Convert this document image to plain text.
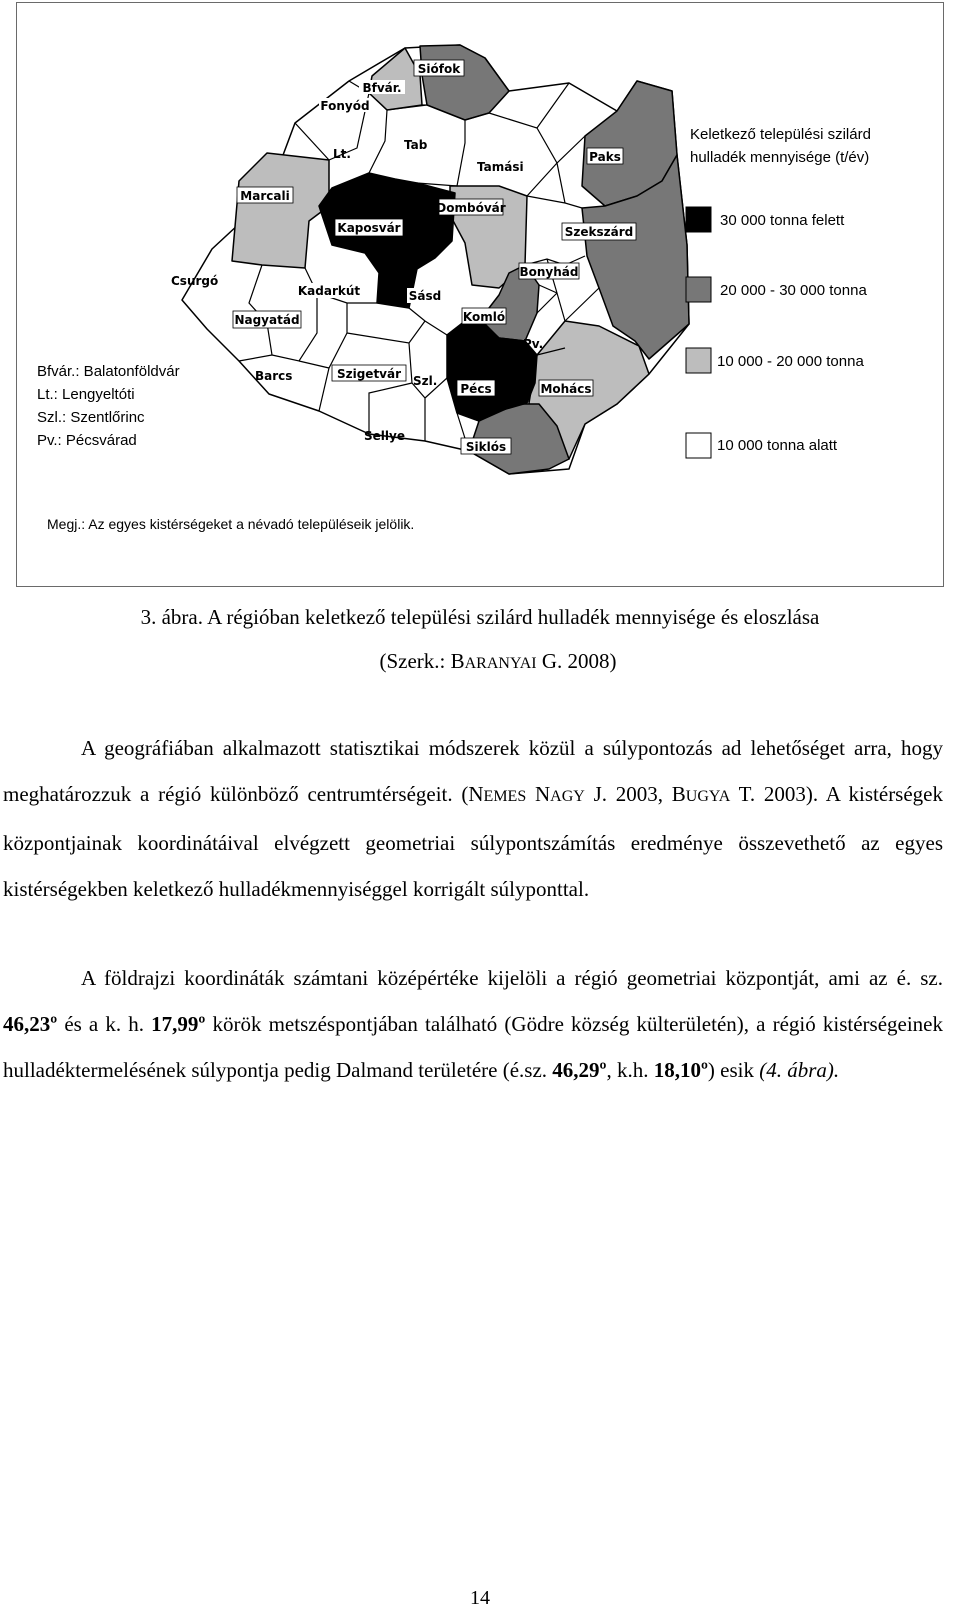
Siófok
Bfvár.
Fonyód
Lt.
Tab
Tamási
Paks
Marcali
Kaposvár
Dombóvár
Szekszárd
Csurgó
Kadarkút	Sásd
Bonyhád
Nagyatád	Komló
Pv.
Barcs	Szigetvár Szl.
Pécs	Mohács
Sellye
Siklós
Keletkező települési szilárd
hulladék mennyisége (t/év)
30 000 tonna felett
20 000 - 30 000 tonna
10 000 - 20 000 tonna
10 000 tonna alatt
Bfvár.: Balatonföldvár
Lt.: Lengyeltóti
Szl.: Szentlőrinc
Pv.: Pécsvárad
Megj.: Az egyes kistérségeket a névadó településeik jelölik.
3. ábra. A régióban keletkező települési szilárd hulladék mennyisége és eloszlása
(Szerk.: BARANYAI G. 2008)
A geográfiában alkalmazott statisztikai módszerek közül a súlypontozás ad lehetőséget arra, hogy meghatározzuk a régió különböző centrumtérségeit. (NEMES NAGY J. 2003, BUGYA T. 2003). A kistérségek központjainak koordinátáival elvégzett geometriai súlypontszámítás eredménye összevethető az egyes kistérségekben keletkező hulladékmennyiséggel korrigált súlyponttal.
A földrajzi koordináták számtani középértéke kijelöli a régió geometriai központját, ami az é. sz. 46,23º és a k. h. 17,99º körök metszéspontjában található (Gödre község külterületén), a régió kistérségeinek hulladéktermelésének súlypontja pedig Dalmand területére (é.sz. 46,29º, k.h. 18,10º) esik (4. ábra).
14
